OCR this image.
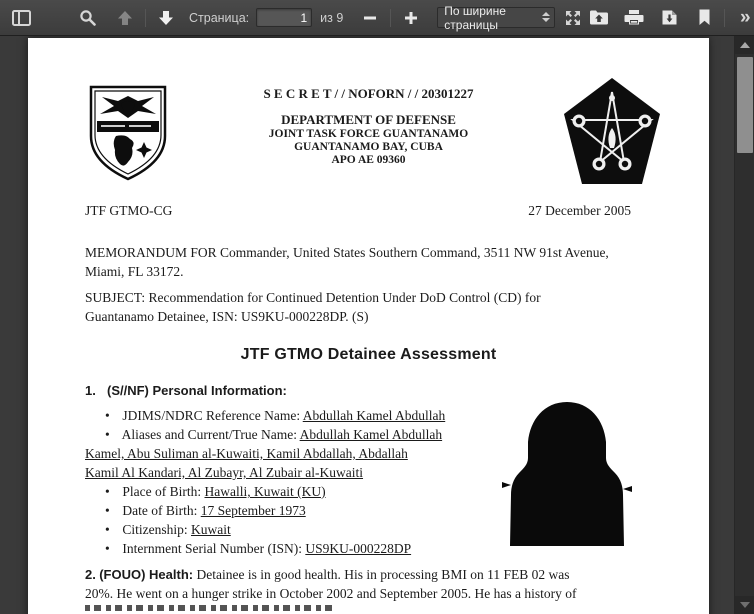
Страница:
1	из 9	По ширине страницы	»
S E C R E T / / NOFORN / / 20301227
DEPARTMENT OF DEFENSE
JOINT TASK FORCE GUANTANAMO
GUANTANAMO BAY, CUBA
APO AE 09360
JTF GTMO-CG	27 December 2005
MEMORANDUM FOR Commander, United States Southern Command, 3511 NW 91st Avenue,
Miami, FL 33172.
SUBJECT: Recommendation for Continued Detention Under DoD Control (CD) for
Guantanamo Detainee, ISN: US9KU-000228DP. (S)
JTF GTMO Detainee Assessment
1. (S//NF) Personal Information:
• JDIMS/NDRC Reference Name: Abdullah Kamel Abdullah
• Aliases and Current/True Name: Abdullah Kamel Abdullah
Kamel, Abu Suliman al-Kuwaiti, Kamil Abdallah, Abdallah
Kamil Al Kandari, Al Zubayr, Al Zubair al-Kuwaiti
• Place of Birth: Hawalli, Kuwait (KU)
• Date of Birth: 17 September 1973
• Citizenship: Kuwait
• Internment Serial Number (ISN): US9KU-000228DP
2. (FOUO) Health: Detainee is in good health. His in processing BMI on 11 FEB 02 was
20%. He went on a hunger strike in October 2002 and September 2005. He has a history of
